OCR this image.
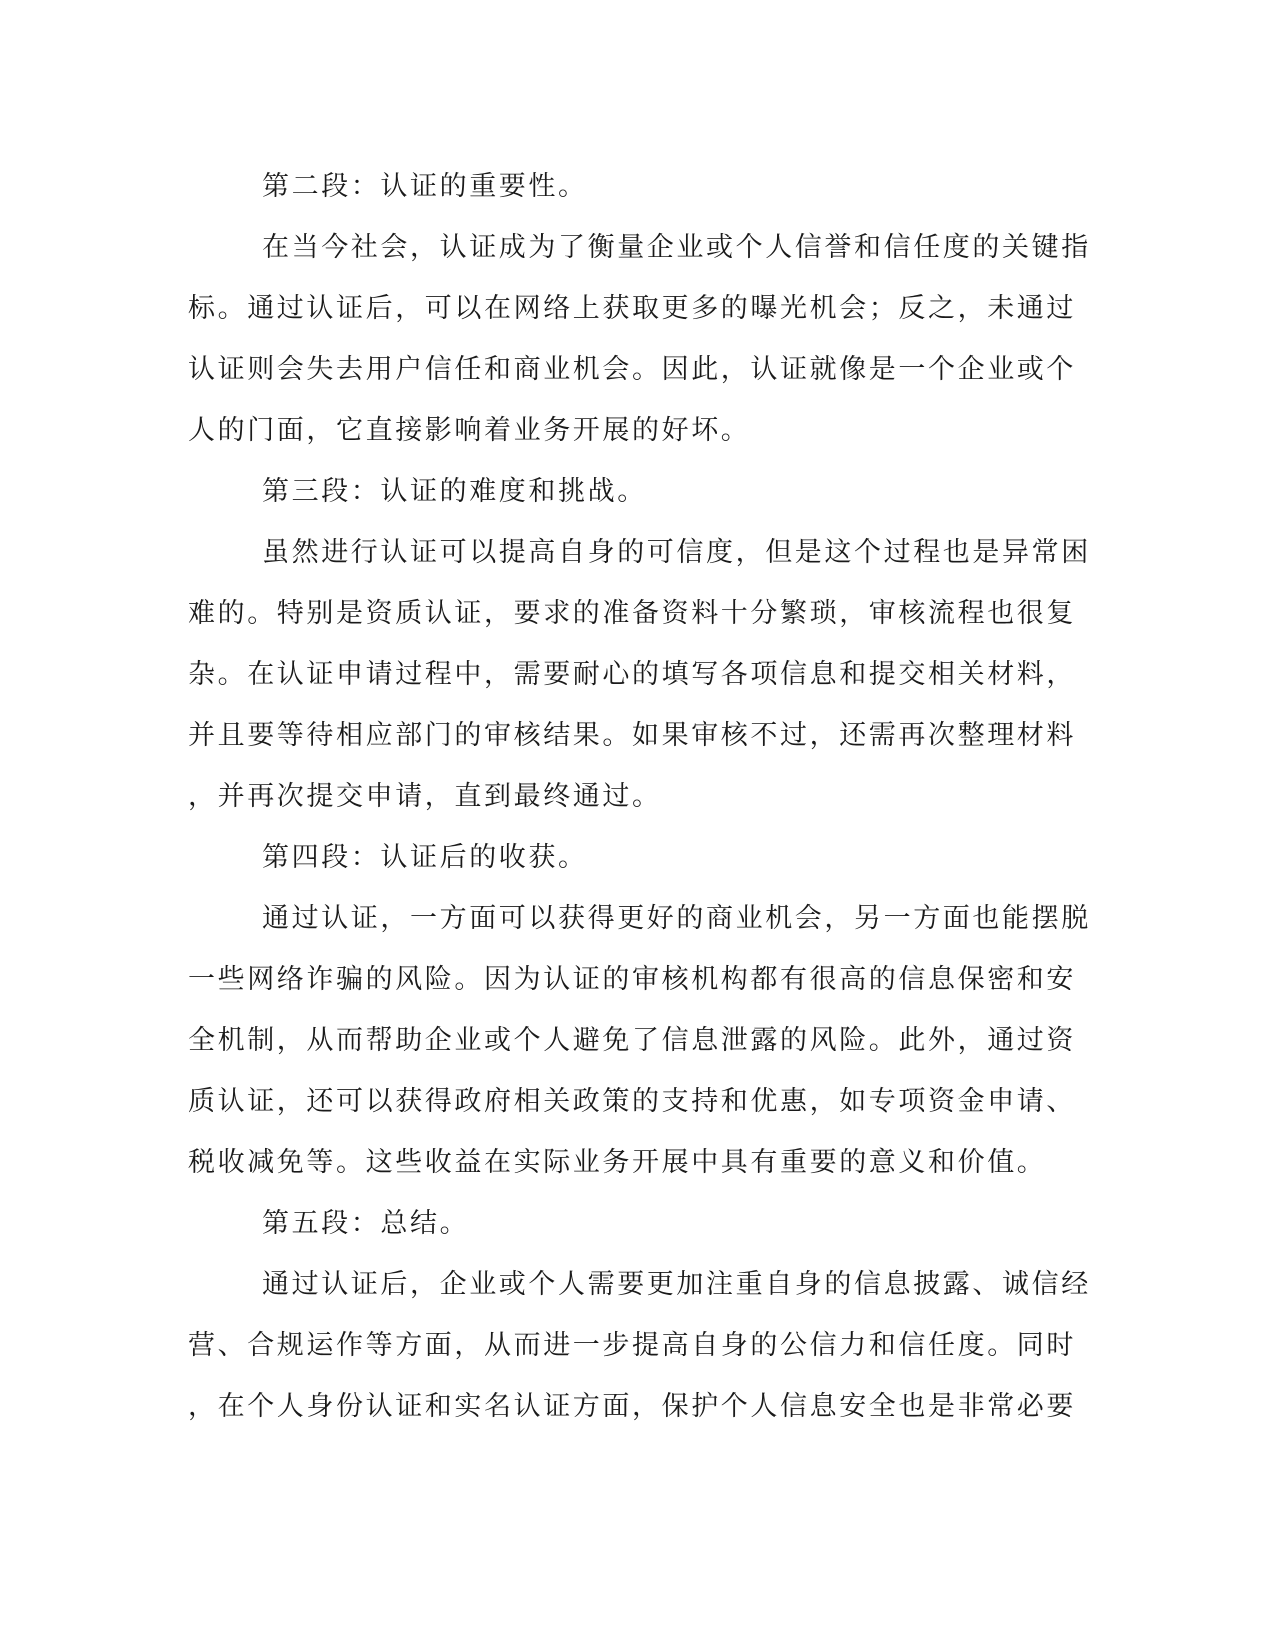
第二段：认证的重要性。
在当今社会，认证成为了衡量企业或个人信誉和信任度的关键指
标。通过认证后，可以在网络上获取更多的曝光机会；反之，未通过
认证则会失去用户信任和商业机会。因此，认证就像是一个企业或个
人的门面，它直接影响着业务开展的好坏。
第三段：认证的难度和挑战。
虽然进行认证可以提高自身的可信度，但是这个过程也是异常困
难的。特别是资质认证，要求的准备资料十分繁琐，审核流程也很复
杂。在认证申请过程中，需要耐心的填写各项信息和提交相关材料，
并且要等待相应部门的审核结果。如果审核不过，还需再次整理材料
，并再次提交申请，直到最终通过。
第四段：认证后的收获。
通过认证，一方面可以获得更好的商业机会，另一方面也能摆脱
一些网络诈骗的风险。因为认证的审核机构都有很高的信息保密和安
全机制，从而帮助企业或个人避免了信息泄露的风险。此外，通过资
质认证，还可以获得政府相关政策的支持和优惠，如专项资金申请、
税收减免等。这些收益在实际业务开展中具有重要的意义和价值。
第五段：总结。
通过认证后，企业或个人需要更加注重自身的信息披露、诚信经
营、合规运作等方面，从而进一步提高自身的公信力和信任度。同时
，在个人身份认证和实名认证方面，保护个人信息安全也是非常必要
